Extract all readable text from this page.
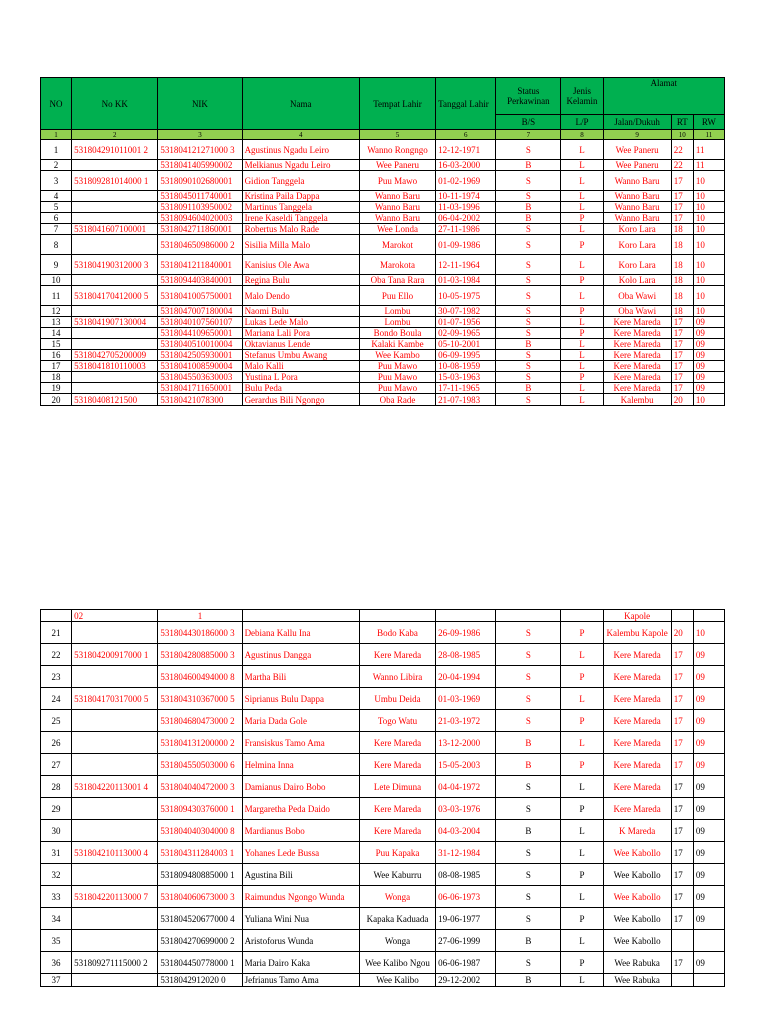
NO	No KK	NIK	Nama	Tempat Lahir	Tanggal Lahir	Status Perkawinan	Jenis Kelamin	Alamat		
						B/S	L/P	Jalan/Dukuh	RT	RW
1	2	3	4	5	6	7	8	9	10	11
1	531804291011001 2	531804121271000 3	Agustinus Ngadu Leiro	Wanno Rongngo	12-12-1971	S	L	Wee Paneru	22	11
2		5318041405990002	Melkianus Ngadu Leiro	Wee Paneru	16-03-2000	B	L	Wee Paneru	22	11
3	531809281014000 1	5318090102680001	Gidion Tanggela	Puu Mawo	01-02-1969	S	L	Wanno Baru	17	10
4		5318045011740001	Kristina Paila Dappa	Wanno Baru	10-11-1974	S	L	Wanno Baru	17	10
5		5318091103950002	Martinus Tanggela	Wanno Baru	11-03-1996	B	L	Wanno Baru	17	10
6		5318094604020003	Irene Kaseldi Tanggela	Wanno Baru	06-04-2002	B	P	Wanno Baru	17	10
7	5318041607100001	5318042711860001	Robertus Malo Rade	Wee Londa	27-11-1986	S	L	Koro Lara	18	10
8		531804650986000 2	Sisilia Milla Malo	Marokot	01-09-1986	S	P	Koro Lara	18	10
9	531804190312000 3	5318041211840001	Kanisius Ole Awa	Marokota	12-11-1964	S	L	Koro Lara	18	10
10		5318094403840001	Regina Bulu	Oba Tana Rara	01-03-1984	S	P	Kolo Lara	18	10
11	531804170412000 5	5318041005750001	Malo Dendo	Puu Ello	10-05-1975	S	L	Oba Wawi	18	10
12		5318047007180004	Naomi Bulu	Lombu	30-07-1982	S	P	Oba Wawi	18	10
13	5318041907130004	5318040107560107	Lukas Lede Malo	Lombu	01-07-1956	S	L	Kere Mareda	17	09
14		5318044109650001	Mariana Lali Pora	Bondo Boula	02-09-1965	S	P	Kere Mareda	17	09
15		5318040510010004	Oktavianus Lende	Kalaki Kambe	05-10-2001	B	L	Kere Mareda	17	09
16	5318042705200009	5318042505930001	Stefanus Umbu Awang	Wee Kambo	06-09-1995	S	L	Kere Mareda	17	09
17	5318041810110003	5318041008590004	Malo Kalli	Puu Mawo	10-08-1959	S	L	Kere Mareda	17	09
18		5318045503630003	Yustina L Pora	Puu Mawo	15-03-1963	S	P	Kere Mareda	17	09
19		5318041711650001	Bulu Peda	Puu Mawo	17-11-1965	B	L	Kere Mareda	17	09
20	53180408121500	53180421078300	Gerardus Bili Ngongo	Oba Rade	21-07-1983	S	L	Kalembu	20	10
	02	1						Kapole		
21		531804430186000 3	Debiana Kallu Ina	Bodo Kaba	26-09-1986	S	P	Kalembu Kapole	20	10
22	531804200917000 1	531804280885000 3	Agustinus Dangga	Kere Mareda	28-08-1985	S	L	Kere Mareda	17	09
23		531804600494000 8	Martha Bili	Wanno Libira	20-04-1994	S	P	Kere Mareda	17	09
24	531804170317000 5	531804310367000 5	Siprianus Bulu Dappa	Umbu Deida	01-03-1969	S	L	Kere Mareda	17	09
25		531804680473000 2	Maria Dada Gole	Togo Watu	21-03-1972	S	P	Kere Mareda	17	09
26		531804131200000 2	Fransiskus Tamo Ama	Kere Mareda	13-12-2000	B	L	Kere Mareda	17	09
27		531804550503000 6	Helmina Inna	Kere Mareda	15-05-2003	B	P	Kere Mareda	17	09
28	531804220113001 4	531804040472000 3	Damianus Dairo Bobo	Lete Dimuna	04-04-1972	S	L	Kere Mareda	17	09
29		531809430376000 1	Margaretha Peda Daido	Kere Mareda	03-03-1976	S	P	Kere Mareda	17	09
30		531804040304000 8	Mardianus Bobo	Kere Mareda	04-03-2004	B	L	K Mareda	17	09
31	531804210113000 4	531804311284003 1	Yohanes Lede Bussa	Puu Kapaka	31-12-1984	S	L	Wee Kabollo	17	09
32		531809480885000 1	Agustina Bili	Wee Kaburru	08-08-1985	S	P	Wee Kabollo	17	09
33	531804220113000 7	531804060673000 3	Raimundus Ngongo Wunda	Wonga	06-06-1973	S	L	Wee Kabollo	17	09
34		531804520677000 4	Yuliana Wini Nua	Kapaka Kaduada	19-06-1977	S	P	Wee Kabollo	17	09
35		531804270699000 2	Aristoforus Wunda	Wonga	27-06-1999	B	L	Wee Kabollo		
36	531809271115000 2	531804450778000 1	Maria Dairo Kaka	Wee Kalibo Ngou	06-06-1987	S	P	Wee Rabuka	17	09
37		5318042912020 0	Jefrianus Tamo Ama	Wee Kalibo	29-12-2002	B	L	Wee Rabuka		
